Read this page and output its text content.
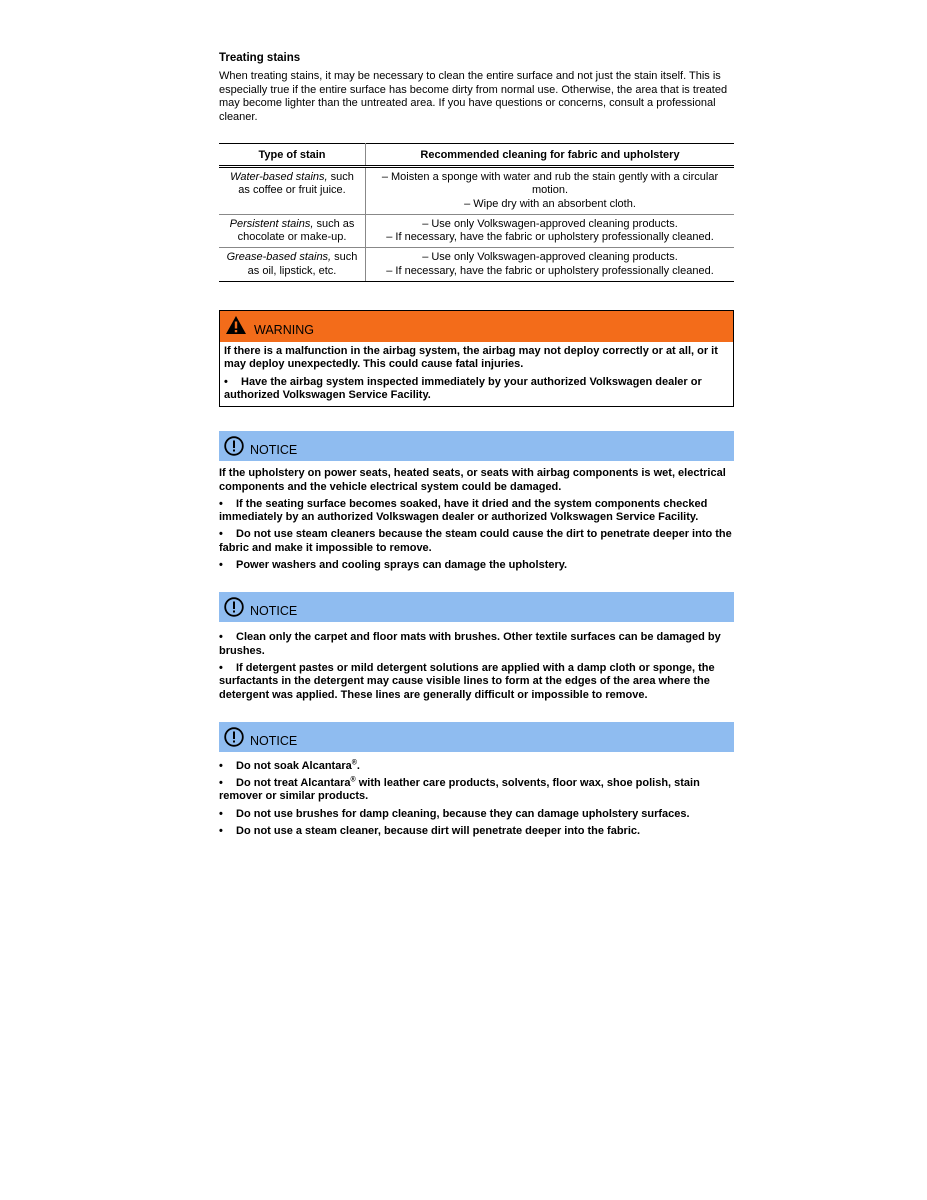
Treating stains

When treating stains, it may be necessary to clean the entire surface and not just the stain itself. This is especially true if the entire surface has become dirty from normal use. Otherwise, the area that is treated may become lighter than the untreated area. If you have questions or concerns, consult a professional cleaner.

Type of stain	Recommended cleaning for fabric and upholstery
Water-based stains, such as coffee or fruit juice.	– Moisten a sponge with water and rub the stain gently with a circular motion.
– Wipe dry with an absorbent cloth.

Persistent stains, such as chocolate or make-up.	– Use only Volkswagen-approved cleaning products.
– If necessary, have the fabric or upholstery professionally cleaned.

Grease-based stains, such as oil, lipstick, etc.	– Use only Volkswagen-approved cleaning products.
– If necessary, have the fabric or upholstery professionally cleaned.
WARNING

If there is a malfunction in the airbag system, the airbag may not deploy correctly or at all, or it may deploy unexpectedly. This could cause fatal injuries.

• Have the airbag system inspected immediately by your authorized Volkswagen dealer or authorized Volkswagen Service Facility.

NOTICE

If the upholstery on power seats, heated seats, or seats with airbag components is wet, electrical components and the vehicle electrical system could be damaged.

• If the seating surface becomes soaked, have it dried and the system components checked immediately by an authorized Volkswagen dealer or authorized Volkswagen Service Facility.

• Do not use steam cleaners because the steam could cause the dirt to penetrate deeper into the fabric and make it impossible to remove.

• Power washers and cooling sprays can damage the upholstery.

NOTICE

• Clean only the carpet and floor mats with brushes. Other textile surfaces can be damaged by brushes.

• If detergent pastes or mild detergent solutions are applied with a damp cloth or sponge, the surfactants in the detergent may cause visible lines to form at the edges of the area where the detergent was applied. These lines are generally difficult or impossible to remove.

NOTICE

• Do not soak Alcantara®.

• Do not treat Alcantara® with leather care products, solvents, floor wax, shoe polish, stain remover or similar products.

• Do not use brushes for damp cleaning, because they can damage upholstery surfaces.

• Do not use a steam cleaner, because dirt will penetrate deeper into the fabric.
